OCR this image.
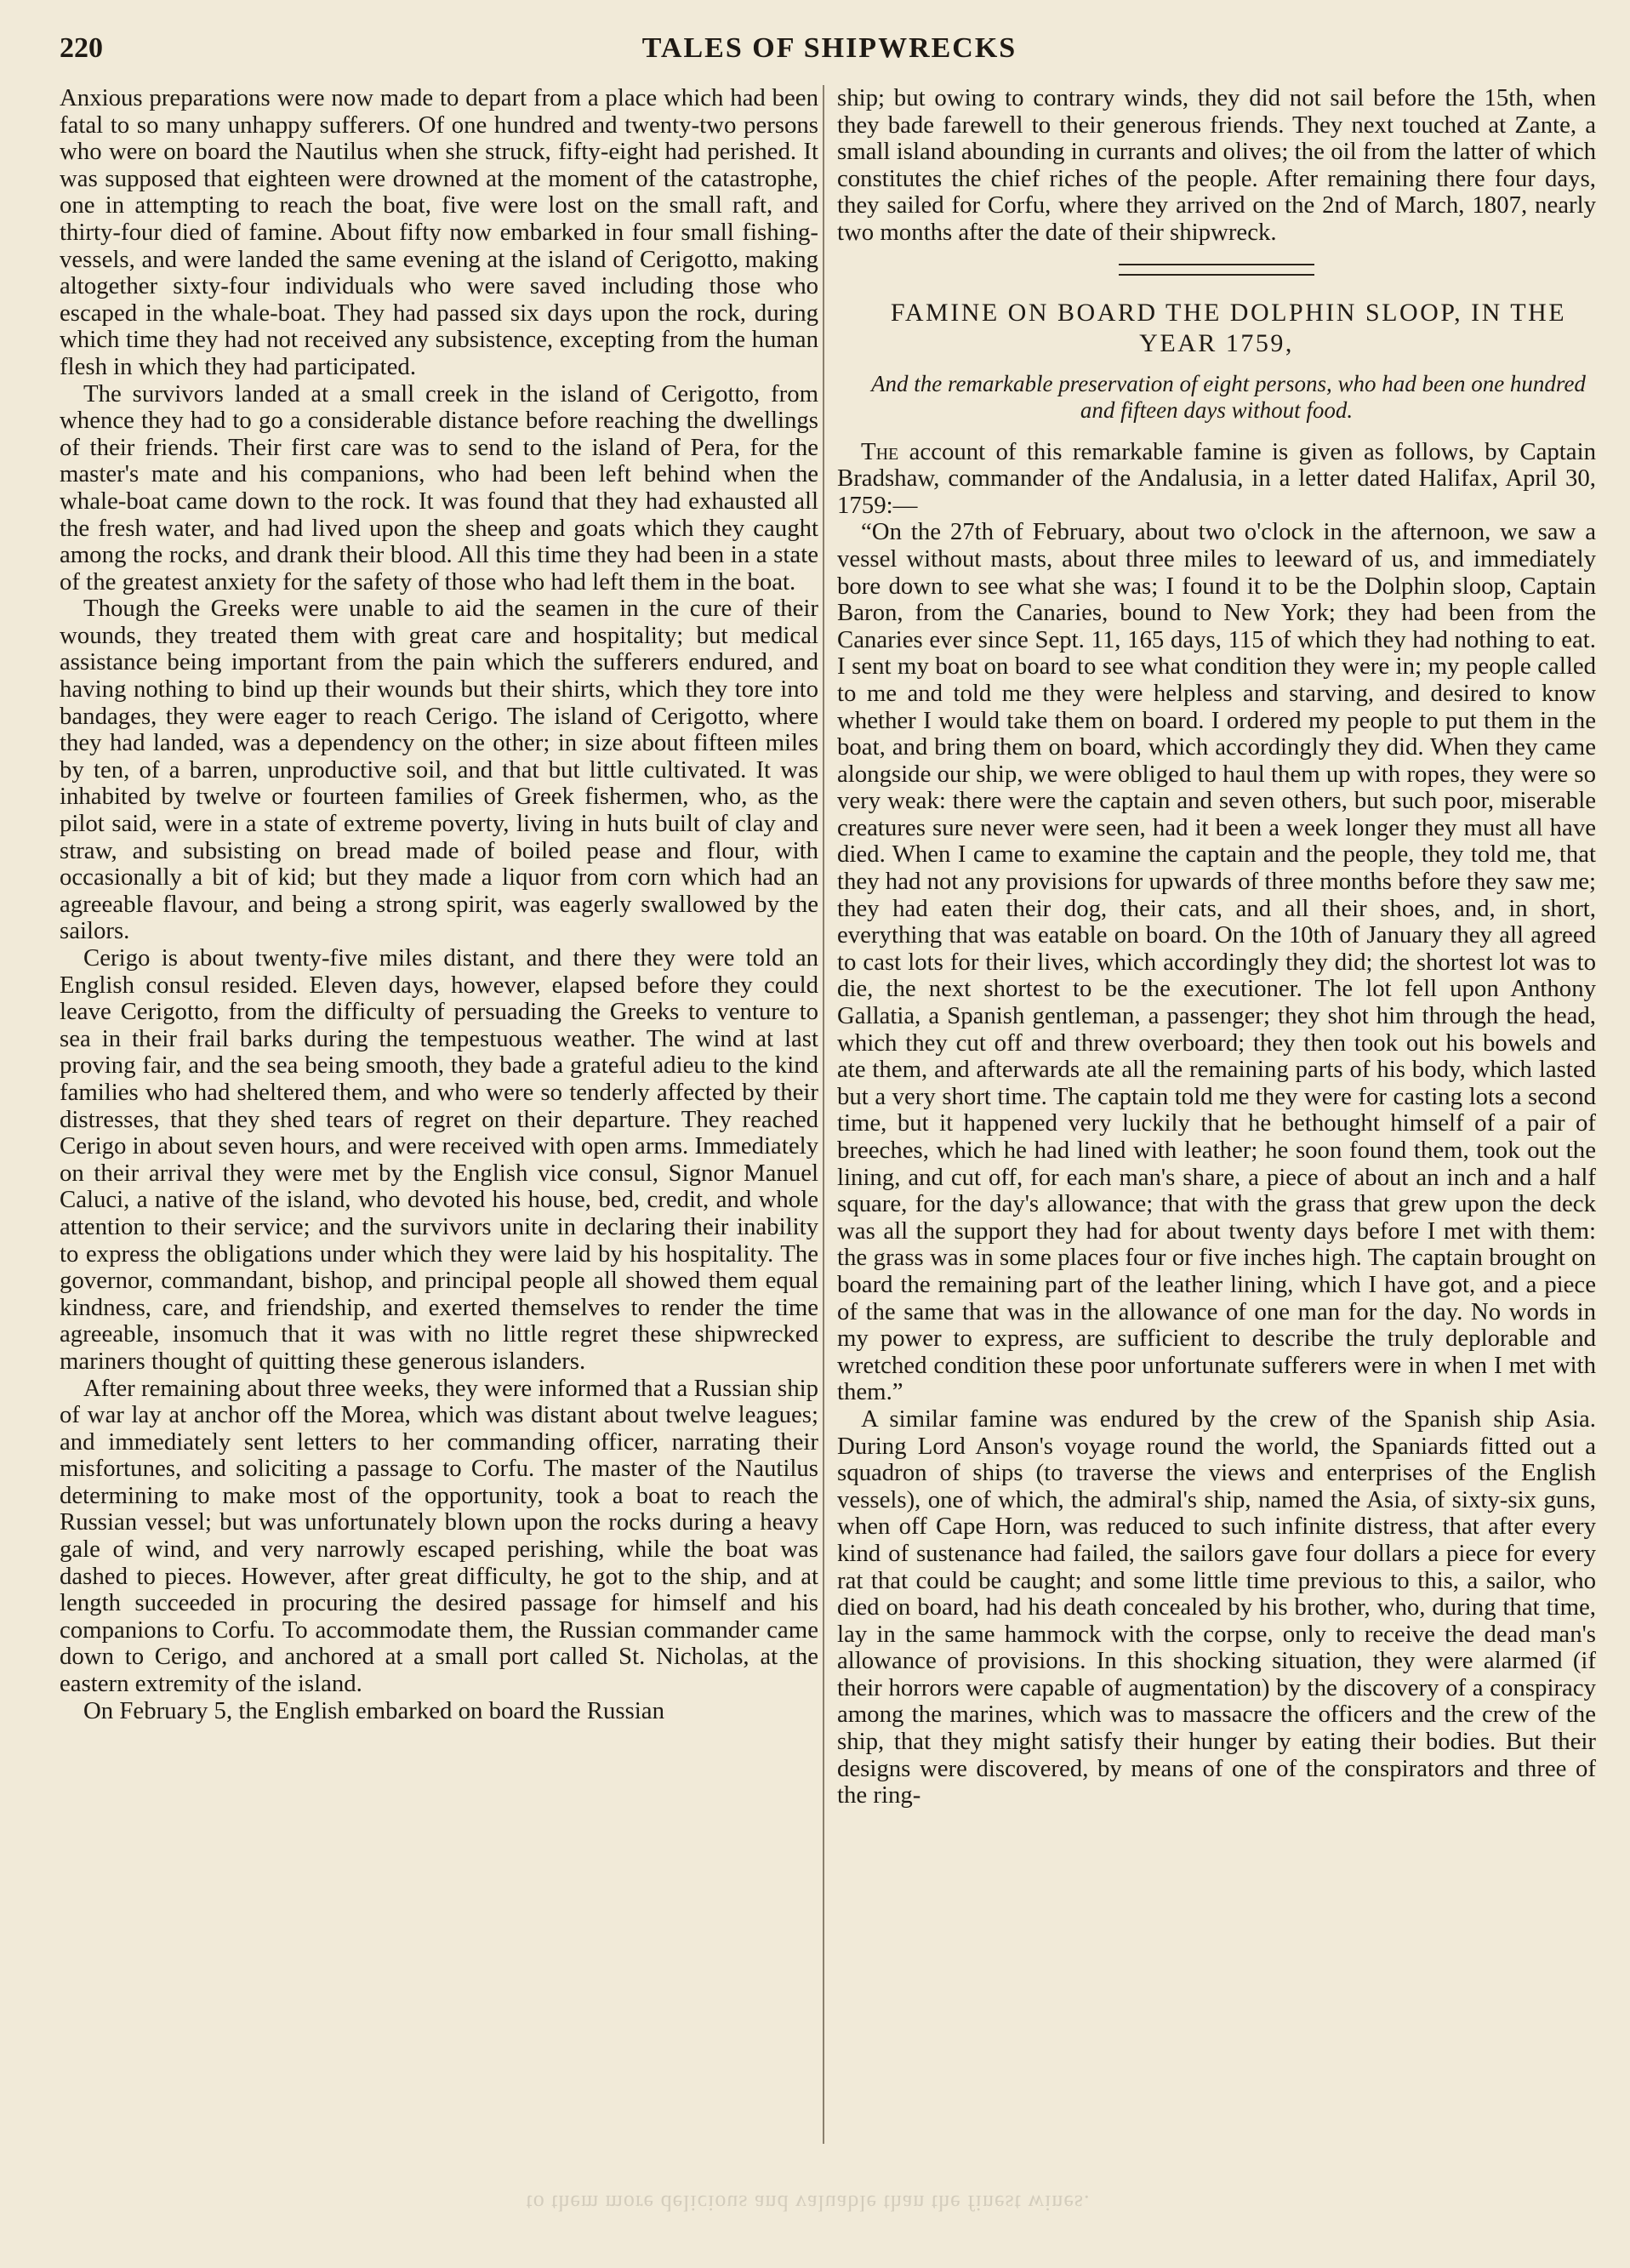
220	TALES OF SHIPWRECKS

Anxious preparations were now made to depart from a place which had been fatal to so many unhappy sufferers. Of one hundred and twenty-two persons who were on board the Nautilus when she struck, fifty-eight had perished. It was supposed that eighteen were drowned at the moment of the catastrophe, one in attempting to reach the boat, five were lost on the small raft, and thirty-four died of famine. About fifty now embarked in four small fishing-vessels, and were landed the same evening at the island of Cerigotto, making altogether sixty-four individuals who were saved including those who escaped in the whale-boat. They had passed six days upon the rock, during which time they had not received any subsistence, excepting from the human flesh in which they had participated.

The survivors landed at a small creek in the island of Cerigotto, from whence they had to go a considerable distance before reaching the dwellings of their friends. Their first care was to send to the island of Pera, for the master's mate and his companions, who had been left behind when the whale-boat came down to the rock. It was found that they had exhausted all the fresh water, and had lived upon the sheep and goats which they caught among the rocks, and drank their blood. All this time they had been in a state of the greatest anxiety for the safety of those who had left them in the boat.

Though the Greeks were unable to aid the seamen in the cure of their wounds, they treated them with great care and hospitality; but medical assistance being important from the pain which the sufferers endured, and having nothing to bind up their wounds but their shirts, which they tore into bandages, they were eager to reach Cerigo. The island of Cerigotto, where they had landed, was a dependency on the other; in size about fifteen miles by ten, of a barren, unproductive soil, and that but little cultivated. It was inhabited by twelve or fourteen families of Greek fishermen, who, as the pilot said, were in a state of extreme poverty, living in huts built of clay and straw, and subsisting on bread made of boiled pease and flour, with occasionally a bit of kid; but they made a liquor from corn which had an agreeable flavour, and being a strong spirit, was eagerly swallowed by the sailors.

Cerigo is about twenty-five miles distant, and there they were told an English consul resided. Eleven days, however, elapsed before they could leave Cerigotto, from the difficulty of persuading the Greeks to venture to sea in their frail barks during the tempestuous weather. The wind at last proving fair, and the sea being smooth, they bade a grateful adieu to the kind families who had sheltered them, and who were so tenderly affected by their distresses, that they shed tears of regret on their departure. They reached Cerigo in about seven hours, and were received with open arms. Immediately on their arrival they were met by the English vice consul, Signor Manuel Caluci, a native of the island, who devoted his house, bed, credit, and whole attention to their service; and the survivors unite in declaring their inability to express the obligations under which they were laid by his hospitality. The governor, commandant, bishop, and principal people all showed them equal kindness, care, and friendship, and exerted themselves to render the time agreeable, insomuch that it was with no little regret these shipwrecked mariners thought of quitting these generous islanders.

After remaining about three weeks, they were informed that a Russian ship of war lay at anchor off the Morea, which was distant about twelve leagues; and immediately sent letters to her commanding officer, narrating their misfortunes, and soliciting a passage to Corfu. The master of the Nautilus determining to make most of the opportunity, took a boat to reach the Russian vessel; but was unfortunately blown upon the rocks during a heavy gale of wind, and very narrowly escaped perishing, while the boat was dashed to pieces. However, after great difficulty, he got to the ship, and at length succeeded in procuring the desired passage for himself and his companions to Corfu. To accommodate them, the Russian commander came down to Cerigo, and anchored at a small port called St. Nicholas, at the eastern extremity of the island.

On February 5, the English embarked on board the Russian

ship; but owing to contrary winds, they did not sail before the 15th, when they bade farewell to their generous friends. They next touched at Zante, a small island abounding in currants and olives; the oil from the latter of which constitutes the chief riches of the people. After remaining there four days, they sailed for Corfu, where they arrived on the 2nd of March, 1807, nearly two months after the date of their shipwreck.

FAMINE ON BOARD THE DOLPHIN SLOOP, IN THE YEAR 1759,

And the remarkable preservation of eight persons, who had been one hundred and fifteen days without food.

The account of this remarkable famine is given as follows, by Captain Bradshaw, commander of the Andalusia, in a letter dated Halifax, April 30, 1759:—

“On the 27th of February, about two o'clock in the afternoon, we saw a vessel without masts, about three miles to leeward of us, and immediately bore down to see what she was; I found it to be the Dolphin sloop, Captain Baron, from the Canaries, bound to New York; they had been from the Canaries ever since Sept. 11, 165 days, 115 of which they had nothing to eat. I sent my boat on board to see what condition they were in; my people called to me and told me they were helpless and starving, and desired to know whether I would take them on board. I ordered my people to put them in the boat, and bring them on board, which accordingly they did. When they came alongside our ship, we were obliged to haul them up with ropes, they were so very weak: there were the captain and seven others, but such poor, miserable creatures sure never were seen, had it been a week longer they must all have died. When I came to examine the captain and the people, they told me, that they had not any provisions for upwards of three months before they saw me; they had eaten their dog, their cats, and all their shoes, and, in short, everything that was eatable on board. On the 10th of January they all agreed to cast lots for their lives, which accordingly they did; the shortest lot was to die, the next shortest to be the executioner. The lot fell upon Anthony Gallatia, a Spanish gentleman, a passenger; they shot him through the head, which they cut off and threw overboard; they then took out his bowels and ate them, and afterwards ate all the remaining parts of his body, which lasted but a very short time. The captain told me they were for casting lots a second time, but it happened very luckily that he bethought himself of a pair of breeches, which he had lined with leather; he soon found them, took out the lining, and cut off, for each man's share, a piece of about an inch and a half square, for the day's allowance; that with the grass that grew upon the deck was all the support they had for about twenty days before I met with them: the grass was in some places four or five inches high. The captain brought on board the remaining part of the leather lining, which I have got, and a piece of the same that was in the allowance of one man for the day. No words in my power to express, are sufficient to describe the truly deplorable and wretched condition these poor unfortunate sufferers were in when I met with them.”

A similar famine was endured by the crew of the Spanish ship Asia. During Lord Anson's voyage round the world, the Spaniards fitted out a squadron of ships (to traverse the views and enterprises of the English vessels), one of which, the admiral's ship, named the Asia, of sixty-six guns, when off Cape Horn, was reduced to such infinite distress, that after every kind of sustenance had failed, the sailors gave four dollars a piece for every rat that could be caught; and some little time previous to this, a sailor, who died on board, had his death concealed by his brother, who, during that time, lay in the same hammock with the corpse, only to receive the dead man's allowance of provisions. In this shocking situation, they were alarmed (if their horrors were capable of augmentation) by the discovery of a conspiracy among the marines, which was to massacre the officers and the crew of the ship, that they might satisfy their hunger by eating their bodies. But their designs were discovered, by means of one of the conspirators and three of the ring-

to them more delicious and valuable than the finest wines.
